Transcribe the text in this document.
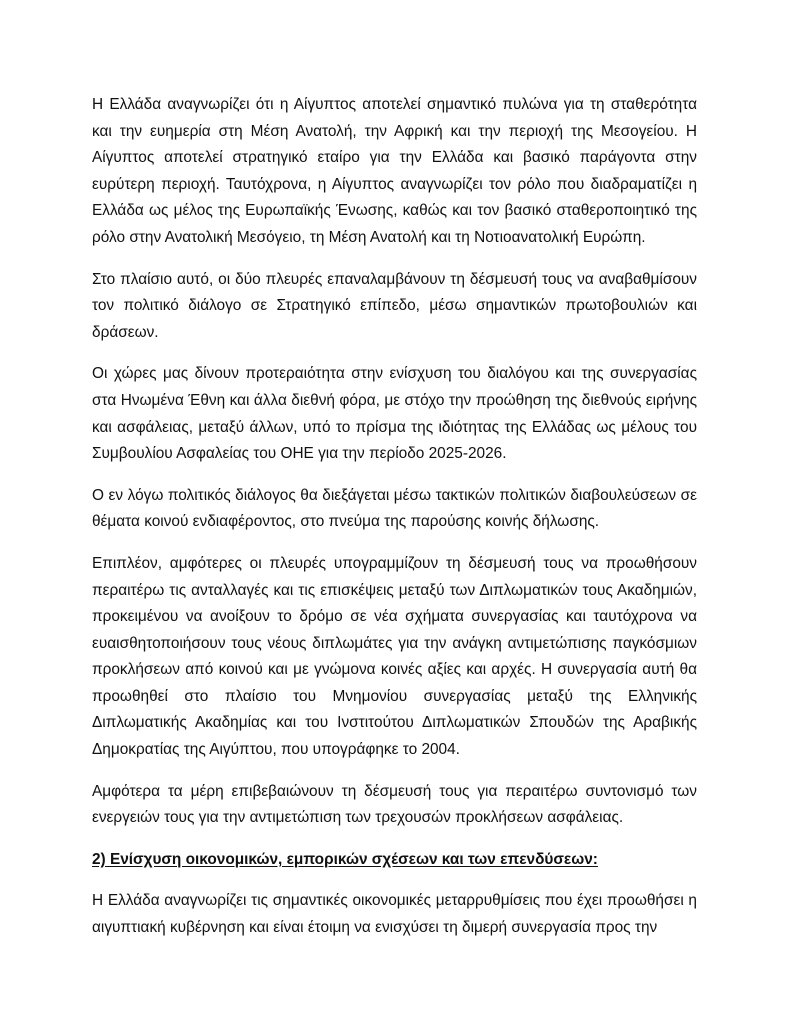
Η Ελλάδα αναγνωρίζει ότι η Αίγυπτος αποτελεί σημαντικό πυλώνα για τη σταθερότητα και την ευημερία στη Μέση Ανατολή, την Αφρική και την περιοχή της Μεσογείου. Η Αίγυπτος αποτελεί στρατηγικό εταίρο για την Ελλάδα και βασικό παράγοντα στην ευρύτερη περιοχή. Ταυτόχρονα, η Αίγυπτος αναγνωρίζει τον ρόλο που διαδραματίζει η Ελλάδα ως μέλος της Ευρωπαϊκής Ένωσης, καθώς και τον βασικό σταθεροποιητικό της ρόλο στην Ανατολική Μεσόγειο, τη Μέση Ανατολή και τη Νοτιοανατολική Ευρώπη.

Στο πλαίσιο αυτό, οι δύο πλευρές επαναλαμβάνουν τη δέσμευσή τους να αναβαθμίσουν τον πολιτικό διάλογο σε Στρατηγικό επίπεδο, μέσω σημαντικών πρωτοβουλιών και δράσεων.

Οι χώρες μας δίνουν προτεραιότητα στην ενίσχυση του διαλόγου και της συνεργασίας στα Ηνωμένα Έθνη και άλλα διεθνή φόρα, με στόχο την προώθηση της διεθνούς ειρήνης και ασφάλειας, μεταξύ άλλων, υπό το πρίσμα της ιδιότητας της Ελλάδας ως μέλους του Συμβουλίου Ασφαλείας του ΟΗΕ για την περίοδο 2025-2026.

Ο εν λόγω πολιτικός διάλογος θα διεξάγεται μέσω τακτικών πολιτικών διαβουλεύσεων σε θέματα κοινού ενδιαφέροντος, στο πνεύμα της παρούσης κοινής δήλωσης.

Επιπλέον, αμφότερες οι πλευρές υπογραμμίζουν τη δέσμευσή τους να προωθήσουν περαιτέρω τις ανταλλαγές και τις επισκέψεις μεταξύ των Διπλωματικών τους Ακαδημιών, προκειμένου να ανοίξουν το δρόμο σε νέα σχήματα συνεργασίας και ταυτόχρονα να ευαισθητοποιήσουν τους νέους διπλωμάτες για την ανάγκη αντιμετώπισης παγκόσμιων προκλήσεων από κοινού και με γνώμονα κοινές αξίες και αρχές. Η συνεργασία αυτή θα προωθηθεί στο πλαίσιο του Μνημονίου συνεργασίας μεταξύ της Ελληνικής Διπλωματικής Ακαδημίας και του Ινστιτούτου Διπλωματικών Σπουδών της Αραβικής Δημοκρατίας της Αιγύπτου, που υπογράφηκε το 2004.

Αμφότερα τα μέρη επιβεβαιώνουν τη δέσμευσή τους για περαιτέρω συντονισμό των ενεργειών τους για την αντιμετώπιση των τρεχουσών προκλήσεων ασφάλειας.

2) Ενίσχυση οικονομικών, εμπορικών σχέσεων και των επενδύσεων:

Η Ελλάδα αναγνωρίζει τις σημαντικές οικονομικές μεταρρυθμίσεις που έχει προωθήσει η αιγυπτιακή κυβέρνηση και είναι έτοιμη να ενισχύσει τη διμερή συνεργασία προς την
